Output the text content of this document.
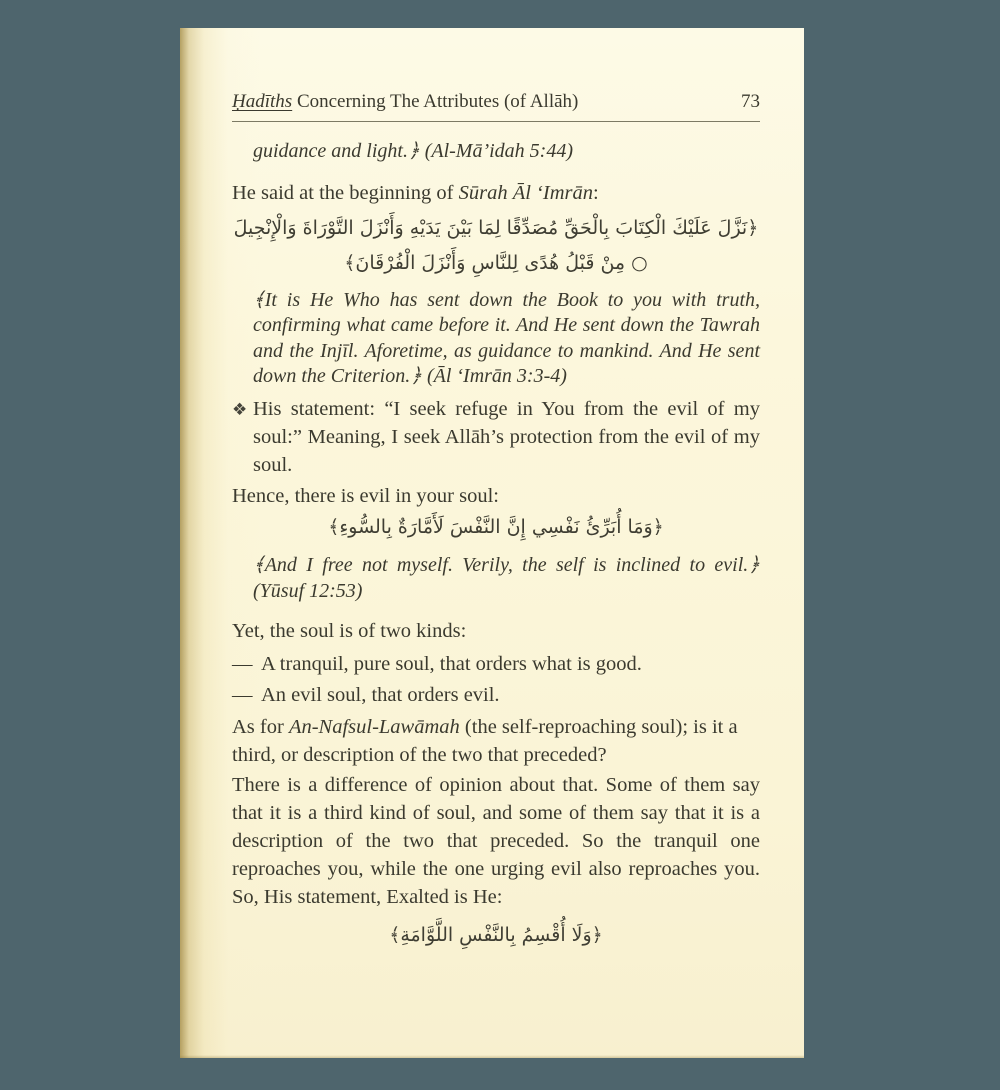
Ḥadīths Concerning The Attributes (of Allāh)	73
guidance and light.﴿ (Al-Mā’idah 5:44)
He said at the beginning of Sūrah Āl ‘Imrān:
﴿نَزَّلَ عَلَيْكَ الْكِتَابَ بِالْحَقِّ مُصَدِّقًا لِمَا بَيْنَ يَدَيْهِ وَأَنْزَلَ التَّوْرَاةَ وَالْإِنْجِيلَ
○ مِنْ قَبْلُ هُدًى لِلنَّاسِ وَأَنْزَلَ الْفُرْقَانَ﴾
﴾It is He Who has sent down the Book to you with truth, confirming what came before it. And He sent down the Tawrah and the Injīl. Aforetime, as guidance to mankind. And He sent down the Criterion.﴿ (Āl ‘Imrān 3:3-4)
❖ His statement: “I seek refuge in You from the evil of my soul:” Meaning, I seek Allāh’s protection from the evil of my soul.
Hence, there is evil in your soul:
﴿وَمَا أُبَرِّئُ نَفْسِي إِنَّ النَّفْسَ لَأَمَّارَةٌ بِالسُّوءِ﴾
﴾And I free not myself. Verily, the self is inclined to evil.﴿ (Yūsuf 12:53)
Yet, the soul is of two kinds:
— A tranquil, pure soul, that orders what is good.
— An evil soul, that orders evil.
As for An-Nafsul-Lawāmah (the self-reproaching soul); is it a third, or description of the two that preceded?
There is a difference of opinion about that. Some of them say that it is a third kind of soul, and some of them say that it is a description of the two that preceded. So the tranquil one reproaches you, while the one urging evil also reproaches you. So, His statement, Exalted is He:
﴿وَلَا أُقْسِمُ بِالنَّفْسِ اللَّوَّامَةِ﴾
